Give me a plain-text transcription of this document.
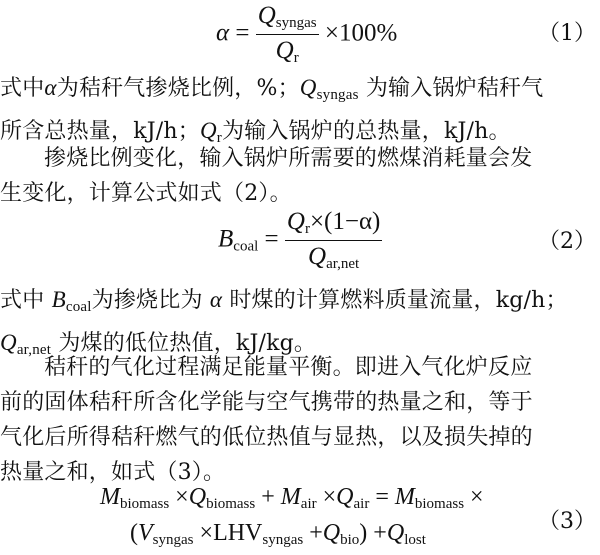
$\alpha = \frac{Q_{syngas}}{Q_r} \times 100\%$	（1）
式中α为秸秆气掺烧比例，%；$Q_{syngas}$ 为输入锅炉秸秆气
所含总热量，kJ/h；$Q_r$为输入锅炉的总热量，kJ/h。
掺烧比例变化，输入锅炉所需要的燃煤消耗量会发
生变化，计算公式如式（2）。
$B_{coal} = \frac{Q_r\times(1-\alpha)}{Q_{ar,net}}$	（2）
式中 $B_{coal}$为掺烧比为 α 时煤的计算燃料质量流量，kg/h；
$Q_{ar,net}$ 为煤的低位热值，kJ/kg。
秸秆的气化过程满足能量平衡。即进入气化炉反应
前的固体秸秆所含化学能与空气携带的热量之和，等于
气化后所得秸秆燃气的低位热值与显热，以及损失掉的
热量之和，如式（3）。
$M_{biomass} \times Q_{biomass} + M_{air} \times Q_{air} = M_{biomass}$ ×
$(V_{syngas} \times LHV_{syngas} +Q_{bio}) +Q_{lost}$
（3）
